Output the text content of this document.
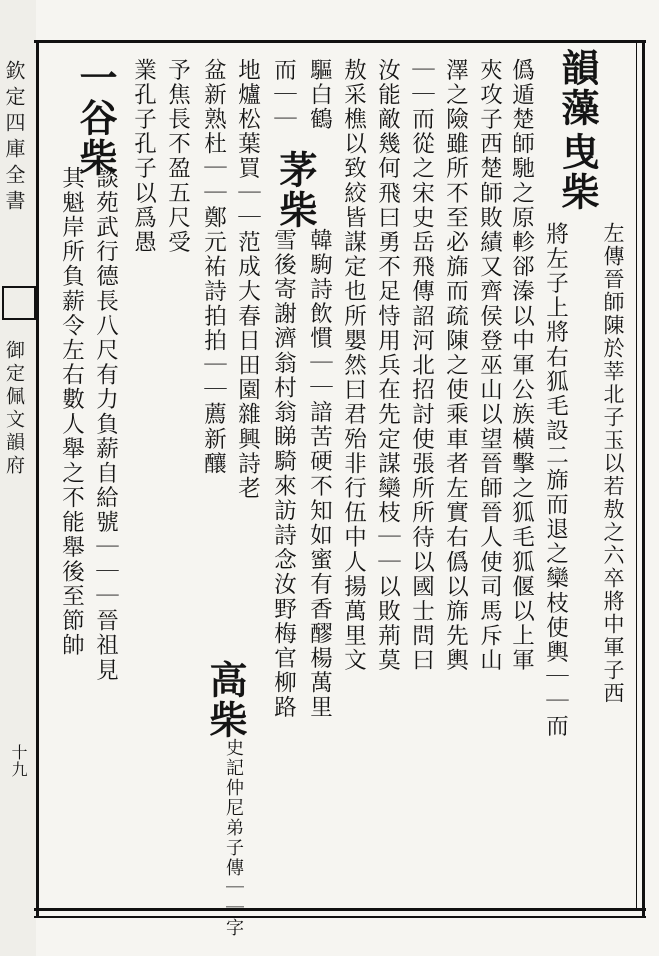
欽定四庫全書
御定佩文韻府
十九
韻藻
曳柴
左傳晉師陳於莘北子玉以若敖之六卒將中軍子西
將左子上將右狐毛設二旆而退之欒枝使輿｜｜而
僞遁楚師馳之原軫郤溱以中軍公族橫擊之狐毛狐偃以上軍
夾攻子西楚師敗績又齊侯登巫山以望晉師晉人使司馬斥山
澤之險雖所不至必旆而疏陳之使乘車者左實右僞以旆先輿
｜｜而從之宋史岳飛傳詔河北招討使張所所待以國士問曰
汝能敵幾何飛曰勇不足恃用兵在先定謀欒枝｜｜以敗荊莫
敖采樵以致絞皆謀定也所嬰然曰君殆非行伍中人揚萬里文
驅白鶴
茅柴
韓駒詩飲慣｜｜諳苦硬不知如蜜有香醪楊萬里
雪後寄謝濟翁村翁睇騎來訪詩念汝野梅官柳路
而｜｜
地爐松葉買｜｜范成大春日田園雜興詩老
盆新熟杜｜｜鄭元祐詩拍拍｜｜薦新釀
予焦長不盈五尺受
業孔子孔子以爲愚
一谷柴
談苑武行德長八尺有力負薪自給號｜｜｜晉祖見
其魁岸所負薪令左右數人舉之不能舉後至節帥
高柴
史記仲尼弟子傳｜｜字
